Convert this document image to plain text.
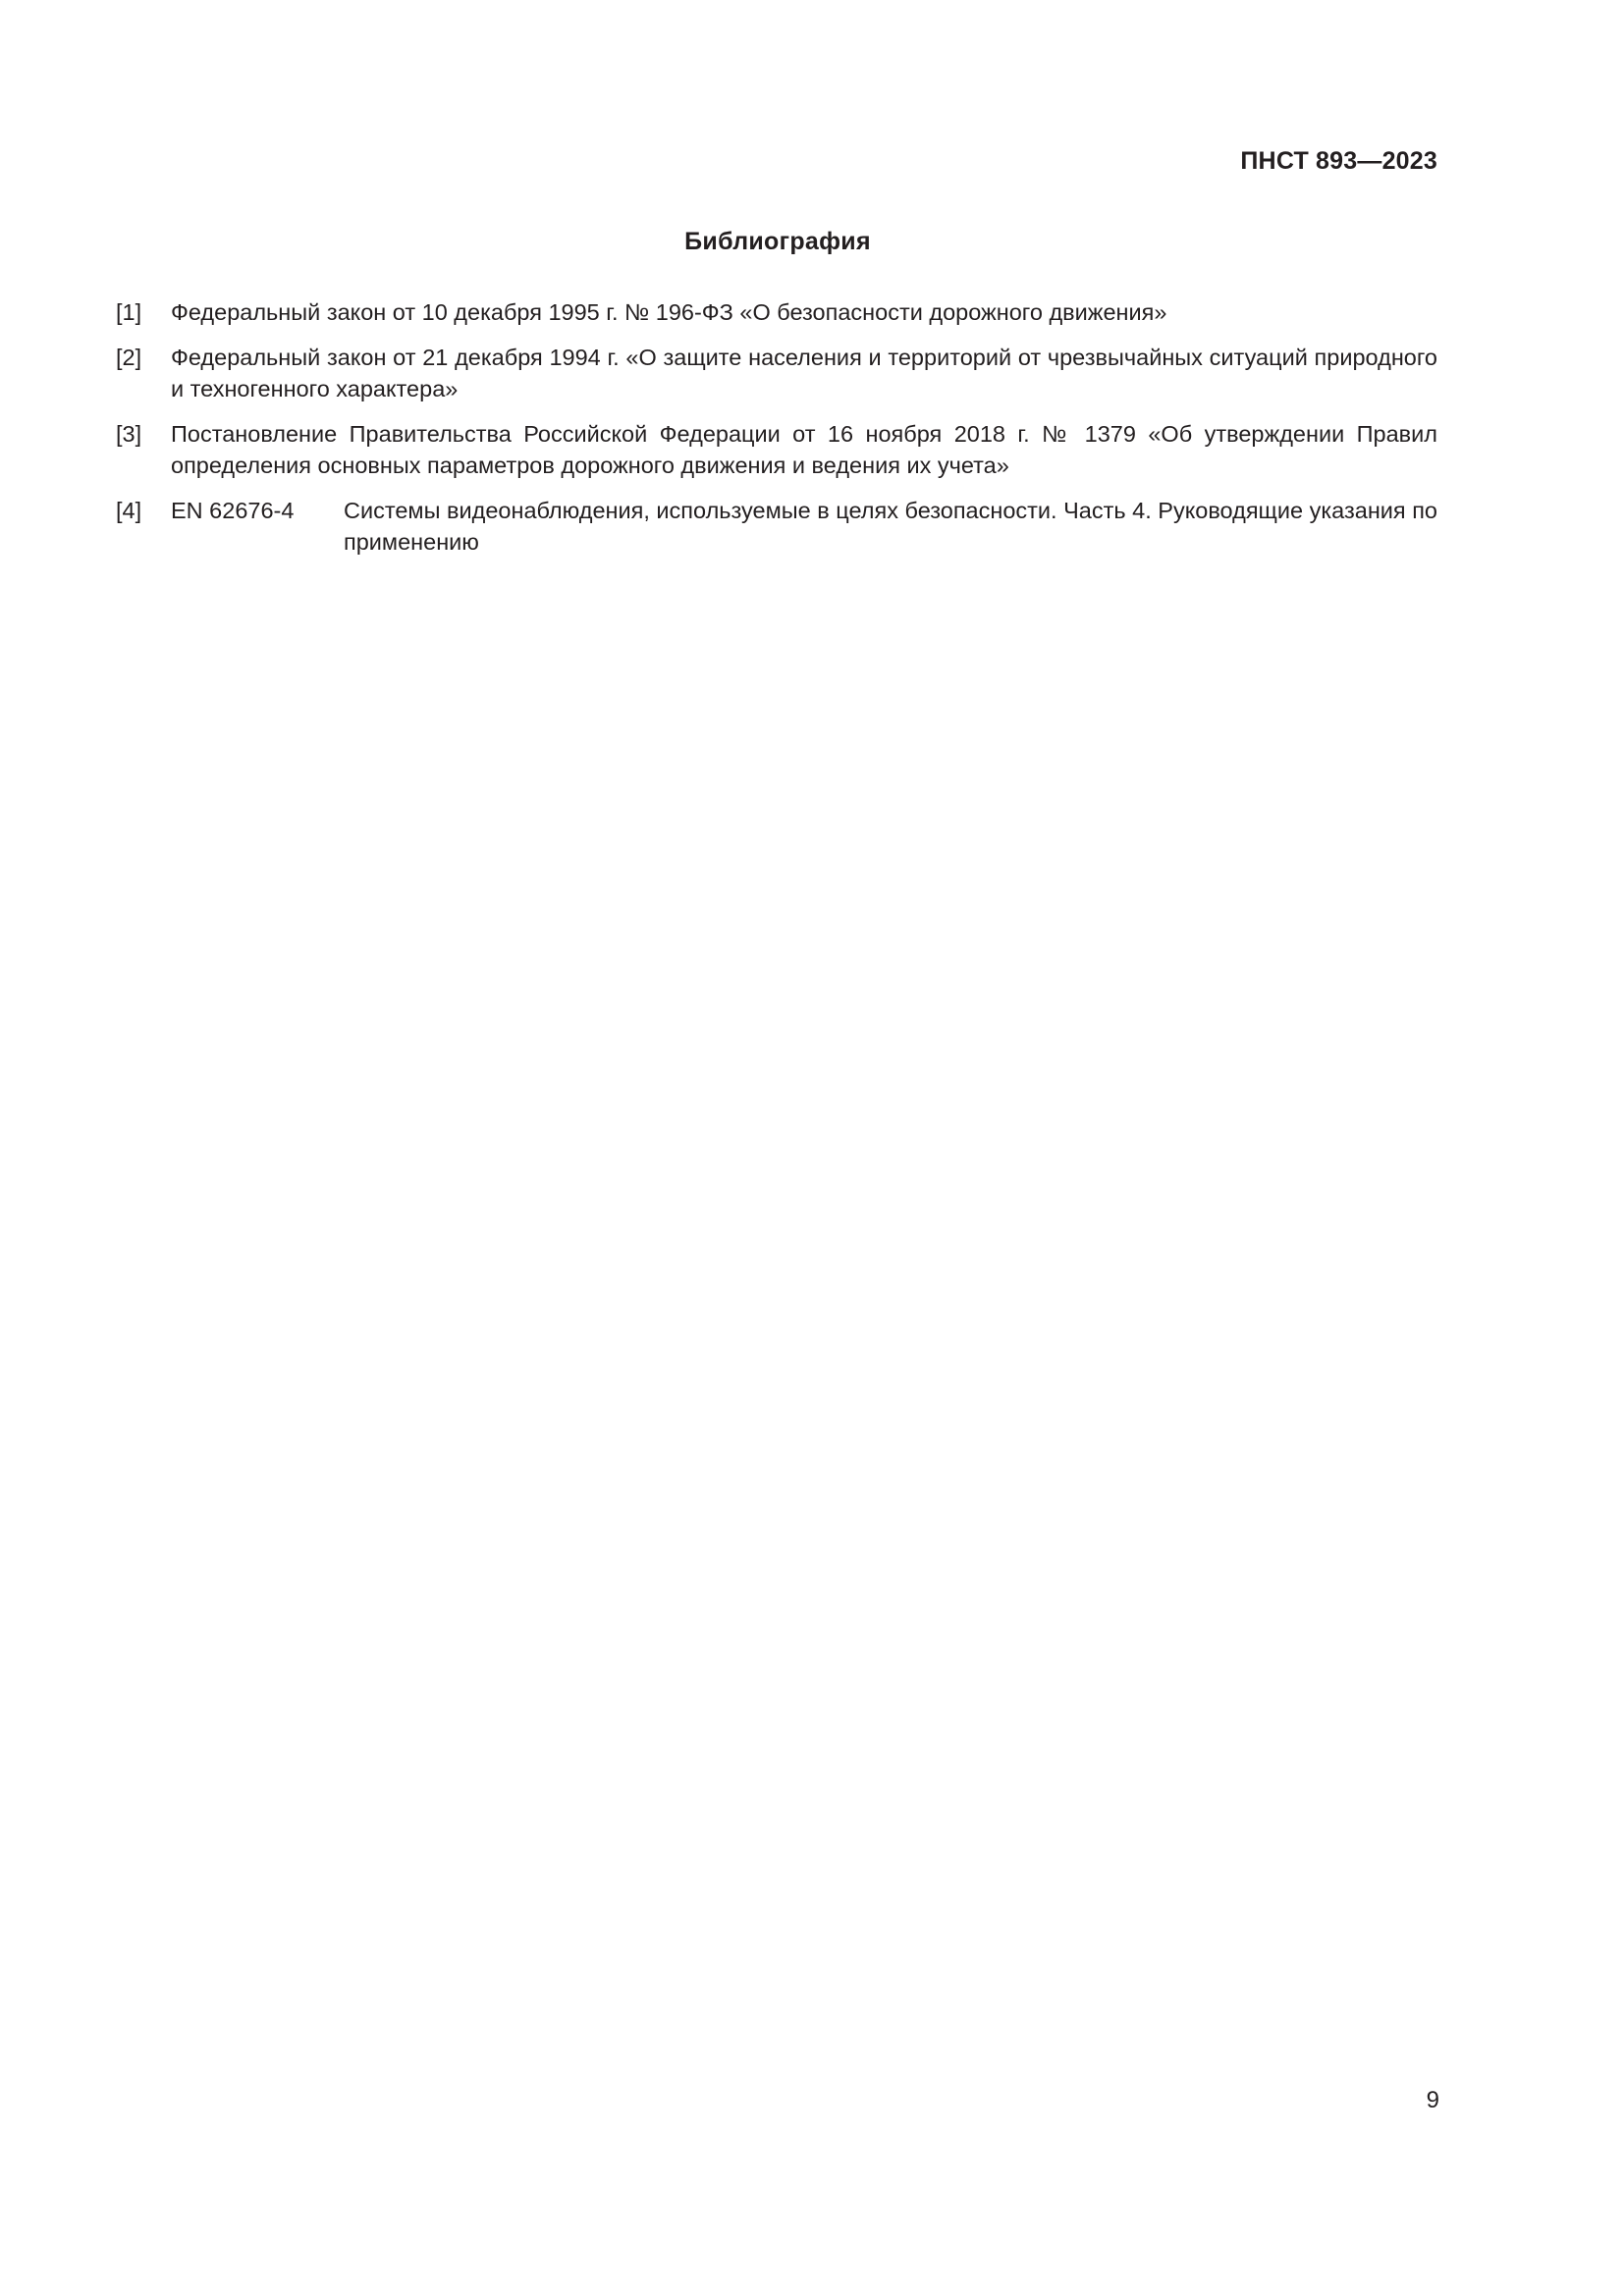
ПНСТ 893—2023
Библиография
[1]	Федеральный закон от 10 декабря 1995 г. № 196-ФЗ «О безопасности дорожного движения»
[2]	Федеральный закон от 21 декабря 1994 г. «О защите населения и территорий от чрезвычайных ситуаций природного и техногенного характера»
[3]	Постановление Правительства Российской Федерации от 16 ноября 2018 г. № 1379 «Об утверждении Правил определения основных параметров дорожного движения и ведения их учета»
[4]	EN 62676-4	Системы видеонаблюдения, используемые в целях безопасности. Часть 4. Руководящие указания по применению
9
